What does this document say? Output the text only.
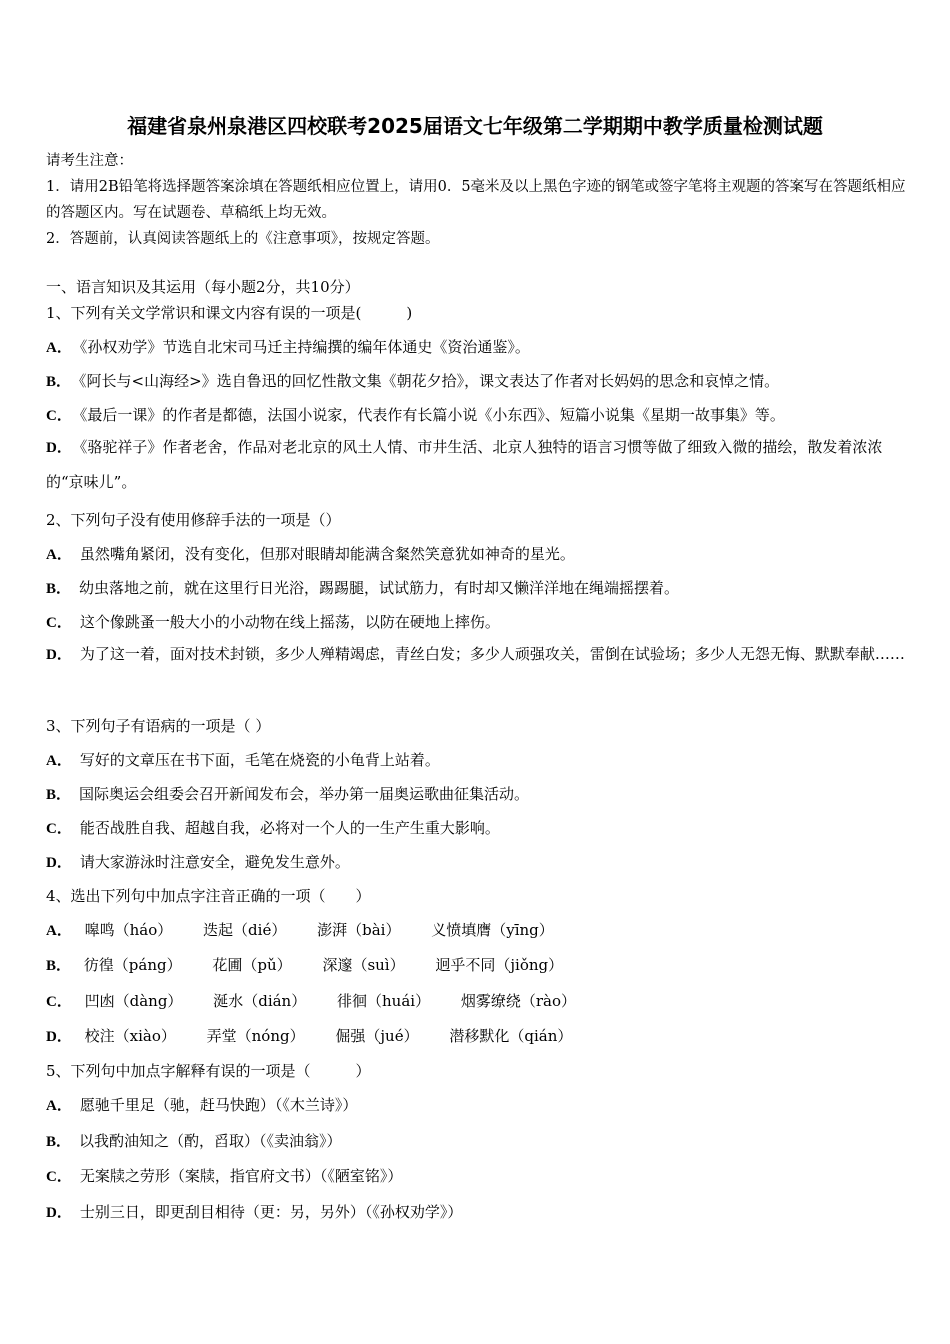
福建省泉州泉港区四校联考2025届语文七年级第二学期期中教学质量检测试题
请考生注意：
1．请用2B铅笔将选择题答案涂填在答题纸相应位置上，请用0．5毫米及以上黑色字迹的钢笔或签字笔将主观题的答案写在答题纸相应的答题区内。写在试题卷、草稿纸上均无效。
2．答题前，认真阅读答题纸上的《注意事项》，按规定答题。
一、语言知识及其运用（每小题2分，共10分）
1、下列有关文学常识和课文内容有误的一项是(　　　)
A． 《孙权劝学》节选自北宋司马迁主持编撰的编年体通史《资治通鉴》。
B． 《阿长与<山海经>》选自鲁迅的回忆性散文集《朝花夕拾》，课文表达了作者对长妈妈的思念和哀悼之情。
C． 《最后一课》的作者是都德，法国小说家，代表作有长篇小说《小东西》、短篇小说集《星期一故事集》等。
D． 《骆驼祥子》作者老舍，作品对老北京的风土人情、市井生活、北京人独特的语言习惯等做了细致入微的描绘，散发着浓浓的“京味儿”。
2、下列句子没有使用修辞手法的一项是（）
A． 虽然嘴角紧闭，没有变化，但那对眼睛却能满含粲然笑意犹如神奇的星光。
B． 幼虫落地之前，就在这里行日光浴，踢踢腿，试试筋力，有时却又懒洋洋地在绳端摇摆着。
C． 这个像跳蚤一般大小的小动物在线上摇荡，以防在硬地上摔伤。
D． 为了这一着，面对技术封锁，多少人殚精竭虑，青丝白发；多少人顽强攻关，雷倒在试验场；多少人无怨无悔、默默奉献……
3、下列句子有语病的一项是（ ）
A． 写好的文章压在书下面，毛笔在烧瓷的小龟背上站着。
B． 国际奥运会组委会召开新闻发布会，举办第一届奥运歌曲征集活动。
C． 能否战胜自我、超越自我，必将对一个人的一生产生重大影响。
D． 请大家游泳时注意安全，避免发生意外。
4、选出下列句中加点字注音正确的一项（　　）
A． 嗥鸣（háo） 迭起（dié） 澎湃（bài） 义愤填膺（yīng）
B． 彷徨（páng） 花圃（pǔ） 深邃（suì） 迥乎不同（jiǒng）
C． 凹凼（dàng） 涎水（dián） 徘徊（huái） 烟雾缭绕（rào）
D． 校注（xiào） 弄堂（nóng） 倔强（jué） 潜移默化（qián）
5、下列句中加点字解释有误的一项是（　　　）
A． 愿驰千里足（驰，赶马快跑）（《木兰诗》）
B． 以我酌油知之（酌，舀取）（《卖油翁》）
C． 无案牍之劳形（案牍，指官府文书）（《陋室铭》）
D． 士别三日，即更刮目相待（更：另，另外）（《孙权劝学》）
